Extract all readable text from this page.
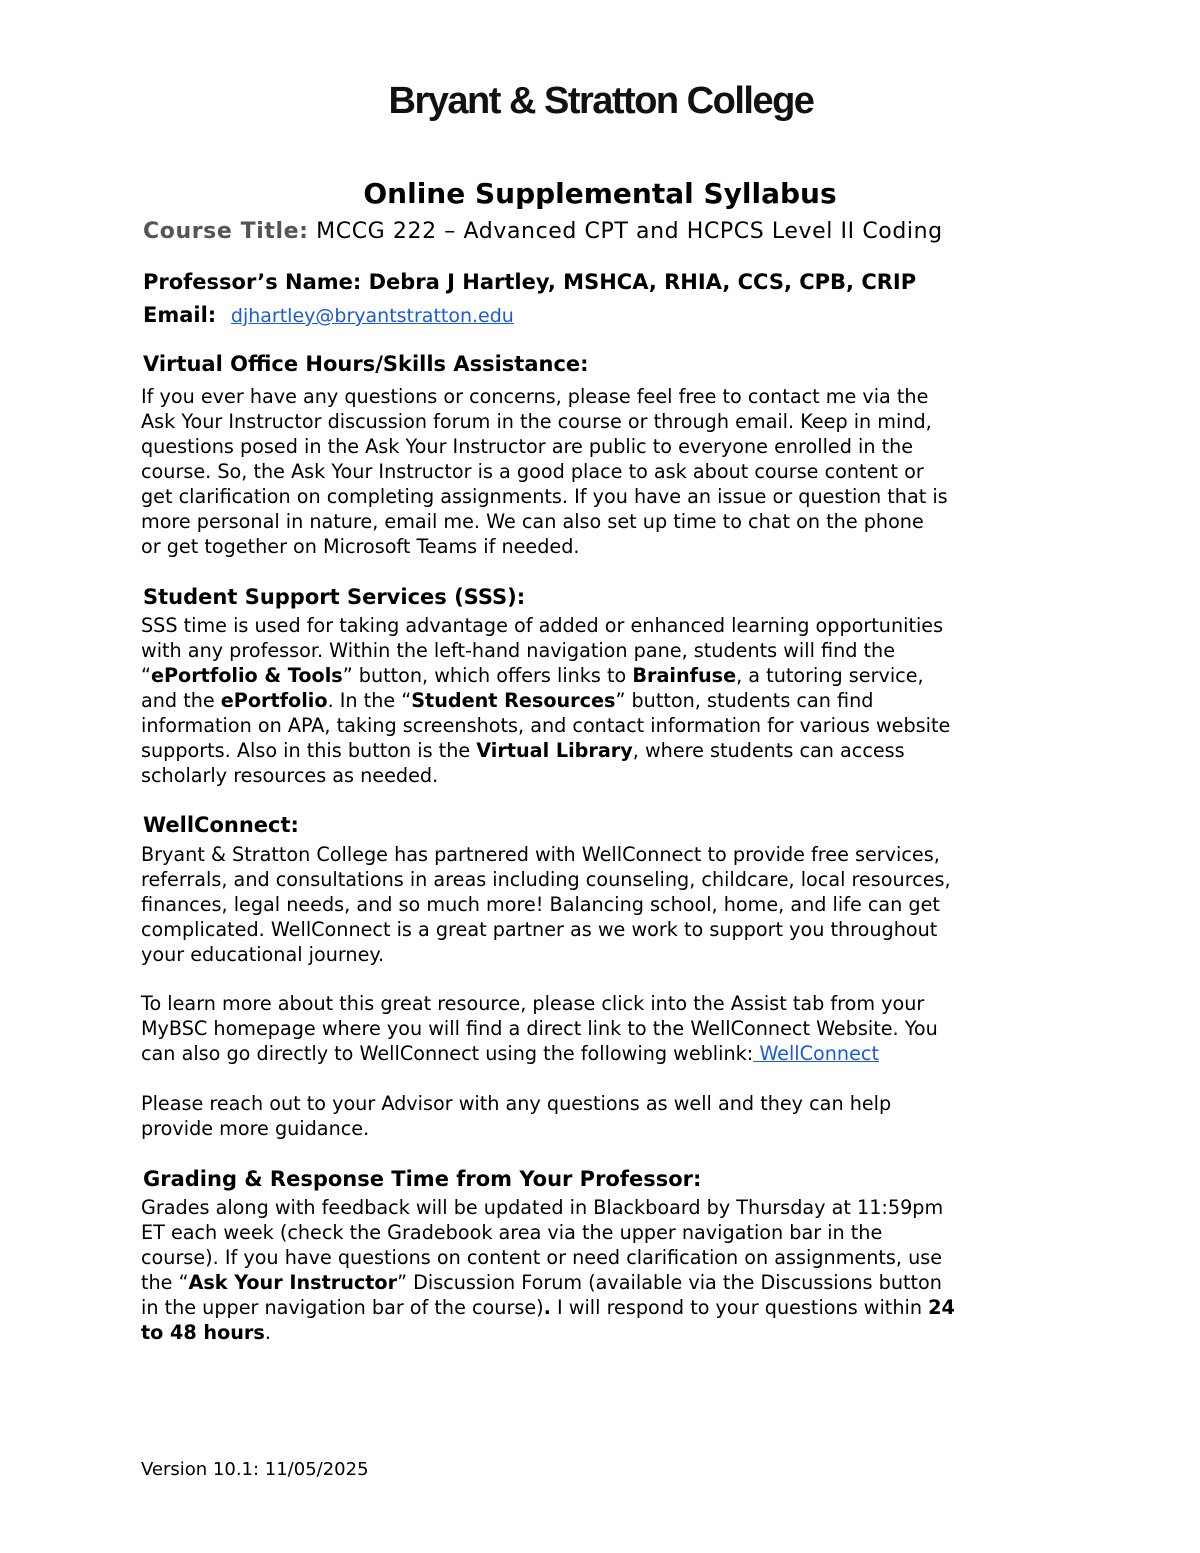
Bryant & Stratton College
Online Supplemental Syllabus
Course Title: MCCG 222 – Advanced CPT and HCPCS Level II Coding
Professor’s Name: Debra J Hartley, MSHCA, RHIA, CCS, CPB, CRIP
Email: djhartley@bryantstratton.edu
Virtual Office Hours/Skills Assistance:
If you ever have any questions or concerns, please feel free to contact me via the
Ask Your Instructor discussion forum in the course or through email. Keep in mind,
questions posed in the Ask Your Instructor are public to everyone enrolled in the
course. So, the Ask Your Instructor is a good place to ask about course content or
get clarification on completing assignments. If you have an issue or question that is
more personal in nature, email me. We can also set up time to chat on the phone
or get together on Microsoft Teams if needed.
Student Support Services (SSS):
SSS time is used for taking advantage of added or enhanced learning opportunities
with any professor. Within the left-hand navigation pane, students will find the
“ePortfolio & Tools” button, which offers links to Brainfuse, a tutoring service,
and the ePortfolio. In the “Student Resources” button, students can find
information on APA, taking screenshots, and contact information for various website
supports. Also in this button is the Virtual Library, where students can access
scholarly resources as needed.
WellConnect:
Bryant & Stratton College has partnered with WellConnect to provide free services,
referrals, and consultations in areas including counseling, childcare, local resources,
finances, legal needs, and so much more! Balancing school, home, and life can get
complicated. WellConnect is a great partner as we work to support you throughout
your educational journey.
To learn more about this great resource, please click into the Assist tab from your
MyBSC homepage where you will find a direct link to the WellConnect Website. You
can also go directly to WellConnect using the following weblink: WellConnect
Please reach out to your Advisor with any questions as well and they can help
provide more guidance.
Grading & Response Time from Your Professor:
Grades along with feedback will be updated in Blackboard by Thursday at 11:59pm
ET each week (check the Gradebook area via the upper navigation bar in the
course). If you have questions on content or need clarification on assignments, use
the “Ask Your Instructor” Discussion Forum (available via the Discussions button
in the upper navigation bar of the course). I will respond to your questions within 24
to 48 hours.
Version 10.1: 11/05/2025
